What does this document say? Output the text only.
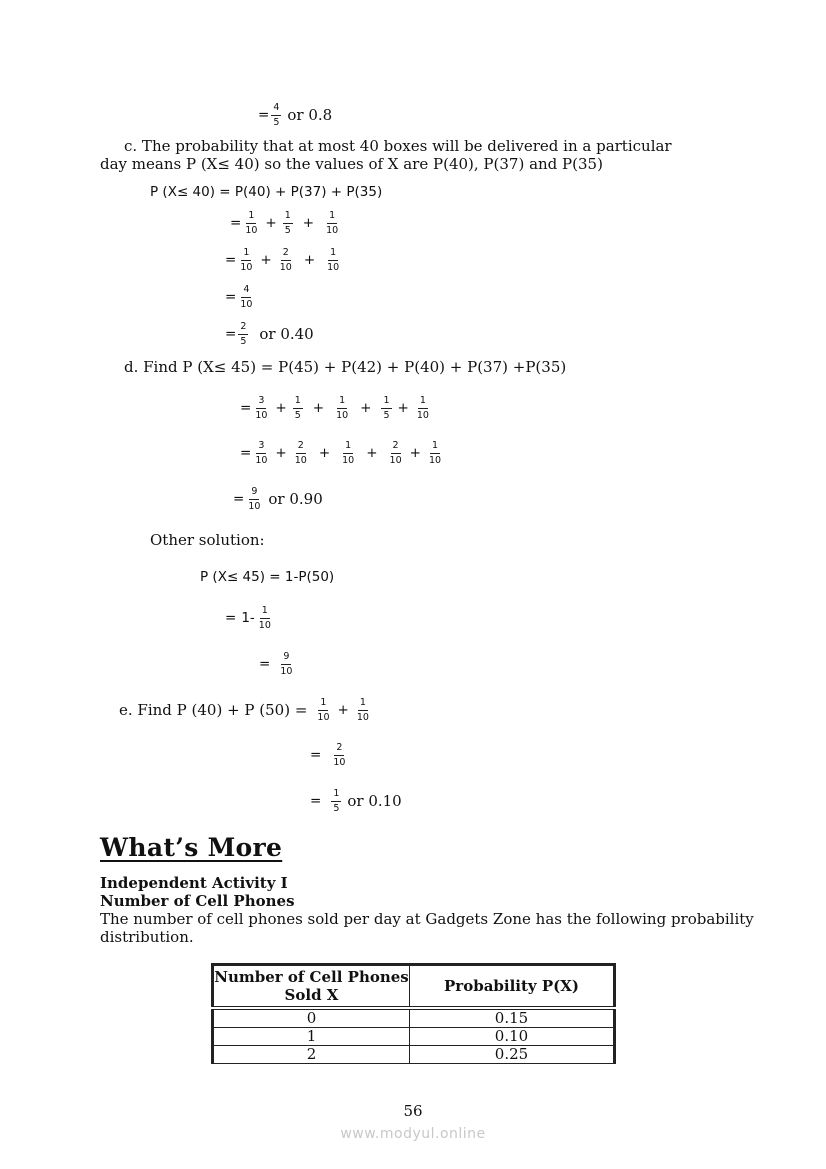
= $\frac{4}{5}$ or 0.8
c. The probability that at most 40 boxes will be delivered in a particular
day means P (X≤ 40) so the values of X are P(40), P(37) and P(35)
P (X≤ 40) = P(40) + P(37) + P(35)
= $\frac{1}{10} + \frac{1}{5} + \frac{1}{10}$
= $\frac{1}{10} + \frac{2}{10} + \frac{1}{10}$
= $\frac{4}{10}$
= $\frac{2}{5}$ or 0.40
d. Find P (X≤ 45) = P(45) + P(42) + P(40) + P(37) +P(35)
= $\frac{3}{10} + \frac{1}{5} + \frac{1}{10} + \frac{1}{5} + \frac{1}{10}$
= $\frac{3}{10} + \frac{2}{10} + \frac{1}{10} + \frac{2}{10} + \frac{1}{10}$
= $\frac{9}{10}$ or 0.90
Other solution:
P (X≤ 45) = 1-P(50)
= $1- \frac{1}{10}$
= $\frac{9}{10}$
e. Find P (40) + P $(50) = \frac{1}{10} + \frac{1}{10}$
= $\frac{2}{10}$
= $\frac{1}{5}$ or 0.10
What’s More
Independent Activity I
Number of Cell Phones
The number of cell phones sold per day at Gadgets Zone has the following probability
distribution.
Number of Cell Phones Sold X	Probability P(X)
0	0.15
1	0.10
2	0.25
56
www.modyul.online
